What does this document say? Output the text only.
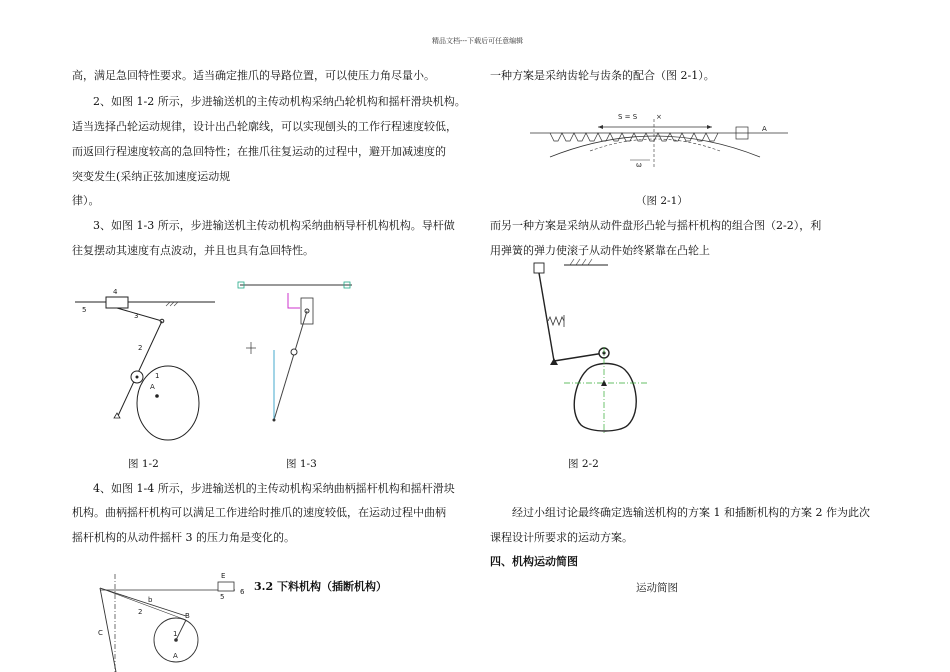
精品文档---下载后可任意编辑
高，满足急回特性要求。适当确定推爪的导路位置，可以使压力角尽量小。
2、如图 1-2 所示，步进输送机的主传动机构采纳凸轮机构和摇杆滑块机构。
适当选择凸轮运动规律，设计出凸轮廓线，可以实现刨头的工作行程速度较低，
而返回行程速度较高的急回特性；在推爪往复运动的过程中，避开加减速度的
突变发生(采纳正弦加速度运动规
律）。
3、如图 1-3 所示，步进输送机主传动机构采纳曲柄导杆机构机构。导杆做
往复摆动其速度有点波动，并且也具有急回特性。
4
5
3
2
1
A
图 1-2	图 1-3
4、如图 1-4 所示，步进输送机的主传动机构采纳曲柄摇杆机构和摇杆滑块
机构。曲柄摇杆机构可以满足工作进给时推爪的速度较低，在运动过程中曲柄
摇杆机构的从动件摇杆 3 的压力角是变化的。
E
5
6
b
2	B
C	1
A
3.2 下料机构（插断机构）
一种方案是采纳齿轮与齿条的配合（图 2-1）。
S = S	×
ω
A
（图 2-1）
而另一种方案是采纳从动件盘形凸轮与摇杆机构的组合图（2-2），利
用弹簧的弹力使滚子从动件始终紧靠在凸轮上
图 2-2
经过小组讨论最终确定选输送机构的方案 1 和插断机构的方案 2 作为此次
课程设计所要求的运动方案。
四、机构运动简图
运动简图
